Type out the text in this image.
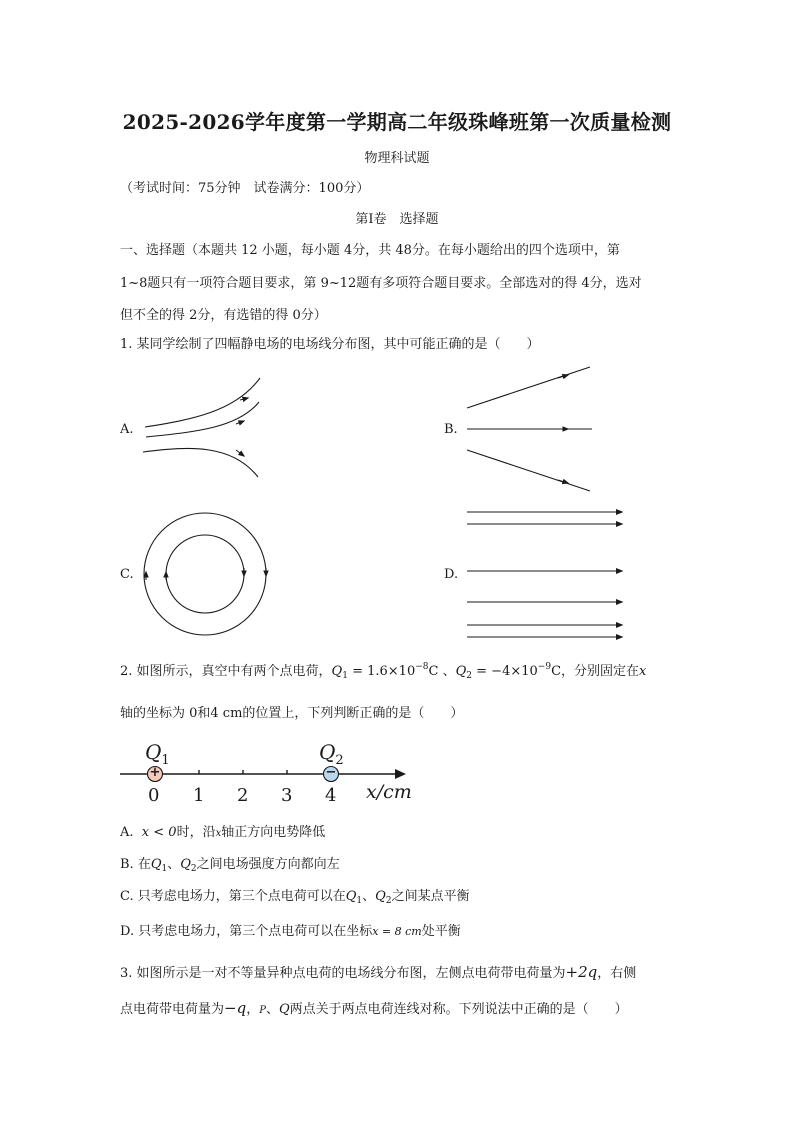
2025-2026学年度第一学期高二年级珠峰班第一次质量检测
物理科试题
（考试时间：75分钟　试卷满分：100分）
第Ⅰ卷　选择题
一、选择题（本题共 12 小题，每小题 4分，共 48分。在每小题给出的四个选项中，第
1~8题只有一项符合题目要求，第 9~12题有多项符合题目要求。全部选对的得 4分，选对
但不全的得 2分，有选错的得 0分）
1. 某同学绘制了四幅静电场的电场线分布图，其中可能正确的是（　　）
A.	B.
C.	D.
2. 如图所示，真空中有两个点电荷，$Q_1 = 1.6\times 10^{-8}C$ 、$Q_2 = -4\times 10^{-9}C$，分别固定在x
轴的坐标为 0和4 cm的位置上，下列判断正确的是（　　）
+	−
$Q_1$	$Q_2$
0 1 2 3 4 x/cm
A. x < 0时，沿x轴正方向电势降低
B. 在$Q_1$、$Q_2$之间电场强度方向都向左
C. 只考虑电场力，第三个点电荷可以在$Q_1$、$Q_2$之间某点平衡
D. 只考虑电场力，第三个点电荷可以在坐标x = 8 cm处平衡
3. 如图所示是一对不等量异种点电荷的电场线分布图，左侧点电荷带电荷量为+2q，右侧
点电荷带电荷量为−q，P、Q两点关于两点电荷连线对称。下列说法中正确的是（　　）
